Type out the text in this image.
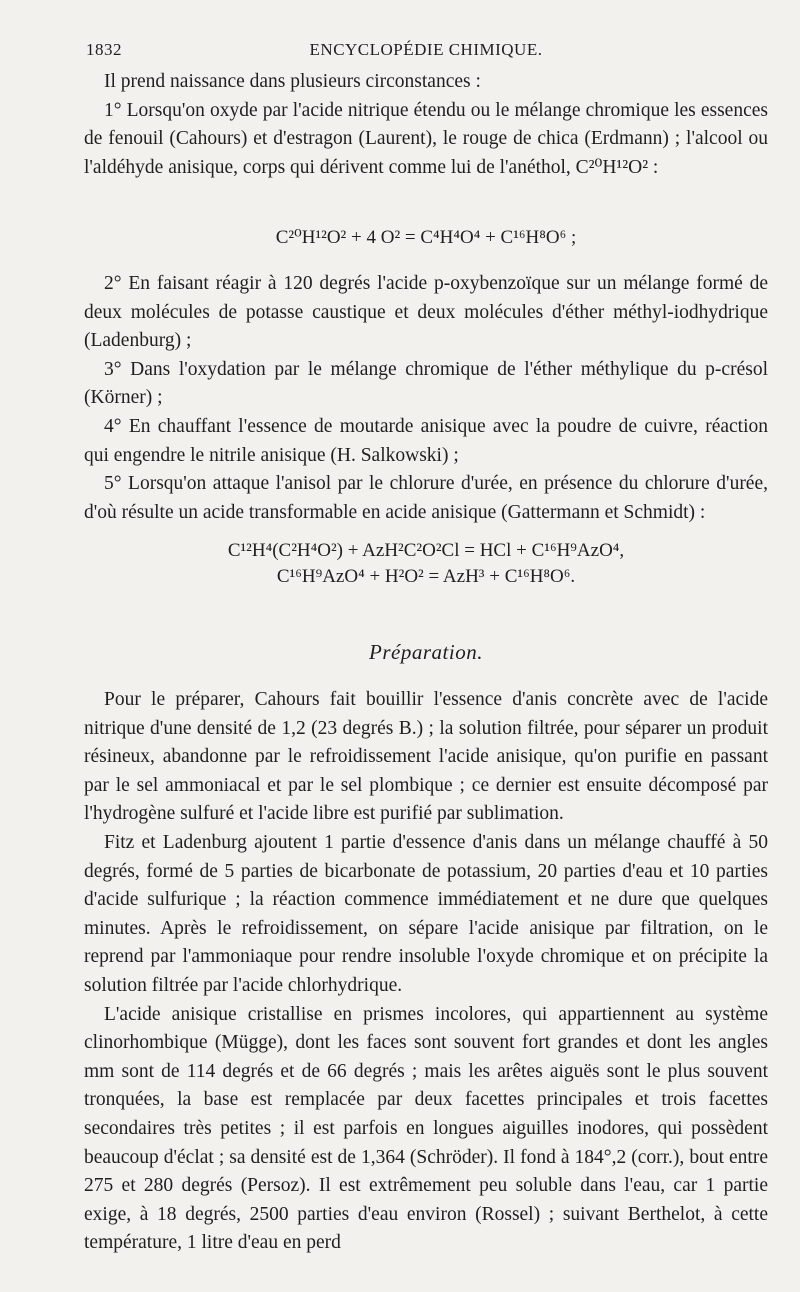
1832	ENCYCLOPÉDIE CHIMIQUE.

Il prend naissance dans plusieurs circonstances :

1° Lorsqu'on oxyde par l'acide nitrique étendu ou le mélange chromique les essences de fenouil (Cahours) et d'estragon (Laurent), le rouge de chica (Erdmann) ; l'alcool ou l'aldéhyde anisique, corps qui dérivent comme lui de l'anéthol, C²⁰H¹²O² :

C²⁰H¹²O² + 4 O² = C⁴H⁴O⁴ + C¹⁶H⁸O⁶ ;

2° En faisant réagir à 120 degrés l'acide p-oxybenzoïque sur un mélange formé de deux molécules de potasse caustique et deux molécules d'éther méthyl-iodhydrique (Ladenburg) ;

3° Dans l'oxydation par le mélange chromique de l'éther méthylique du p-crésol (Körner) ;

4° En chauffant l'essence de moutarde anisique avec la poudre de cuivre, réaction qui engendre le nitrile anisique (H. Salkowski) ;

5° Lorsqu'on attaque l'anisol par le chlorure d'urée, en présence du chlorure d'urée, d'où résulte un acide transformable en acide anisique (Gattermann et Schmidt) :

C¹²H⁴(C²H⁴O²) + AzH²C²O²Cl = HCl + C¹⁶H⁹AzO⁴,
C¹⁶H⁹AzO⁴ + H²O² = AzH³ + C¹⁶H⁸O⁶.
Préparation.

Pour le préparer, Cahours fait bouillir l'essence d'anis concrète avec de l'acide nitrique d'une densité de 1,2 (23 degrés B.) ; la solution filtrée, pour séparer un produit résineux, abandonne par le refroidissement l'acide anisique, qu'on purifie en passant par le sel ammoniacal et par le sel plombique ; ce dernier est ensuite décomposé par l'hydrogène sulfuré et l'acide libre est purifié par sublimation.

Fitz et Ladenburg ajoutent 1 partie d'essence d'anis dans un mélange chauffé à 50 degrés, formé de 5 parties de bicarbonate de potassium, 20 parties d'eau et 10 parties d'acide sulfurique ; la réaction commence immédiatement et ne dure que quelques minutes. Après le refroidissement, on sépare l'acide anisique par filtration, on le reprend par l'ammoniaque pour rendre insoluble l'oxyde chromique et on précipite la solution filtrée par l'acide chlorhydrique.

L'acide anisique cristallise en prismes incolores, qui appartiennent au système clinorhombique (Mügge), dont les faces sont souvent fort grandes et dont les angles mm sont de 114 degrés et de 66 degrés ; mais les arêtes aiguës sont le plus souvent tronquées, la base est remplacée par deux facettes principales et trois facettes secondaires très petites ; il est parfois en longues aiguilles inodores, qui possèdent beaucoup d'éclat ; sa densité est de 1,364 (Schröder). Il fond à 184°,2 (corr.), bout entre 275 et 280 degrés (Persoz). Il est extrêmement peu soluble dans l'eau, car 1 partie exige, à 18 degrés, 2500 parties d'eau environ (Rossel) ; suivant Berthelot, à cette température, 1 litre d'eau en perd
